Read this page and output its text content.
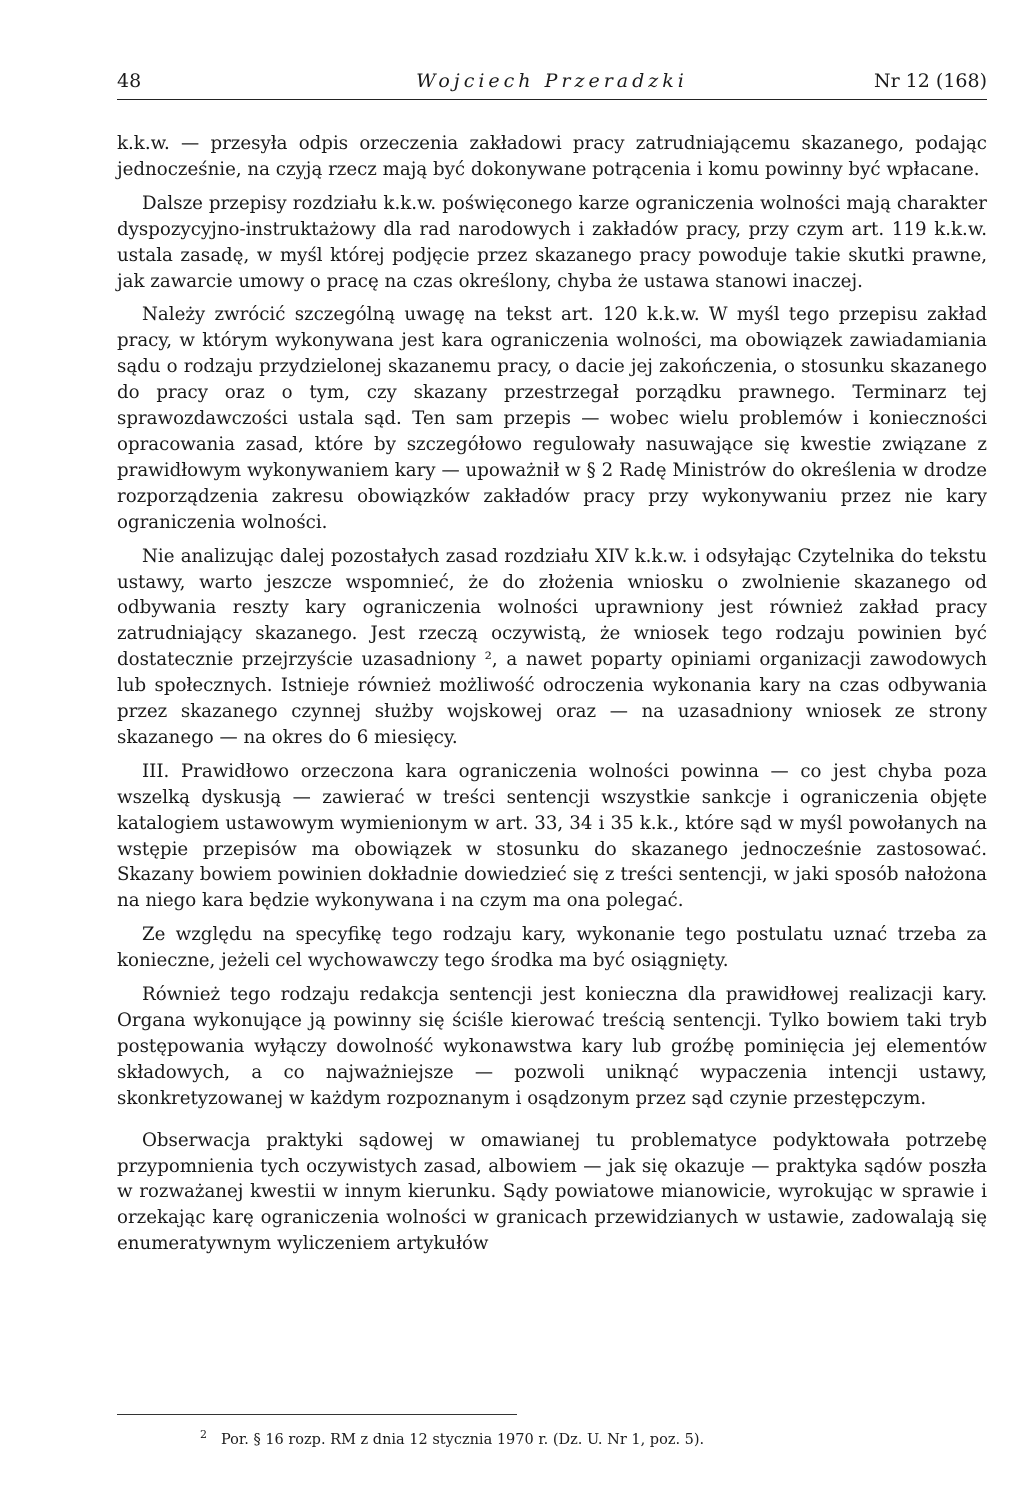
48	Wojciech Przeradzki	Nr 12 (168)

k.k.w. — przesyła odpis orzeczenia zakładowi pracy zatrudniającemu skazanego, podając jednocześnie, na czyją rzecz mają być dokonywane potrącenia i komu powinny być wpłacane.

Dalsze przepisy rozdziału k.k.w. poświęconego karze ograniczenia wolności mają charakter dyspozycyjno-instruktażowy dla rad narodowych i zakładów pracy, przy czym art. 119 k.k.w. ustala zasadę, w myśl której podjęcie przez skazanego pracy powoduje takie skutki prawne, jak zawarcie umowy o pracę na czas określony, chyba że ustawa stanowi inaczej.

Należy zwrócić szczególną uwagę na tekst art. 120 k.k.w. W myśl tego przepisu zakład pracy, w którym wykonywana jest kara ograniczenia wolności, ma obowiązek zawiadamiania sądu o rodzaju przydzielonej skazanemu pracy, o dacie jej zakończenia, o stosunku skazanego do pracy oraz o tym, czy skazany przestrzegał porządku prawnego. Terminarz tej sprawozdawczości ustala sąd. Ten sam przepis — wobec wielu problemów i konieczności opracowania zasad, które by szczegółowo regulowały nasuwające się kwestie związane z prawidłowym wykonywaniem kary — upoważnił w § 2 Radę Ministrów do określenia w drodze rozporządzenia zakresu obowiązków zakładów pracy przy wykonywaniu przez nie kary ograniczenia wolności.

Nie analizując dalej pozostałych zasad rozdziału XIV k.k.w. i odsyłając Czytelnika do tekstu ustawy, warto jeszcze wspomnieć, że do złożenia wniosku o zwolnienie skazanego od odbywania reszty kary ograniczenia wolności uprawniony jest również zakład pracy zatrudniający skazanego. Jest rzeczą oczywistą, że wniosek tego rodzaju powinien być dostatecznie przejrzyście uzasadniony ², a nawet poparty opiniami organizacji zawodowych lub społecznych. Istnieje również możliwość odroczenia wykonania kary na czas odbywania przez skazanego czynnej służby wojskowej oraz — na uzasadniony wniosek ze strony skazanego — na okres do 6 miesięcy.

III. Prawidłowo orzeczona kara ograniczenia wolności powinna — co jest chyba poza wszelką dyskusją — zawierać w treści sentencji wszystkie sankcje i ograniczenia objęte katalogiem ustawowym wymienionym w art. 33, 34 i 35 k.k., które sąd w myśl powołanych na wstępie przepisów ma obowiązek w stosunku do skazanego jednocześnie zastosować. Skazany bowiem powinien dokładnie dowiedzieć się z treści sentencji, w jaki sposób nałożona na niego kara będzie wykonywana i na czym ma ona polegać.

Ze względu na specyfikę tego rodzaju kary, wykonanie tego postulatu uznać trzeba za konieczne, jeżeli cel wychowawczy tego środka ma być osiągnięty.

Również tego rodzaju redakcja sentencji jest konieczna dla prawidłowej realizacji kary. Organa wykonujące ją powinny się ściśle kierować treścią sentencji. Tylko bowiem taki tryb postępowania wyłączy dowolność wykonawstwa kary lub groźbę pominięcia jej elementów składowych, a co najważniejsze — pozwoli uniknąć wypaczenia intencji ustawy, skonkretyzowanej w każdym rozpoznanym i osądzonym przez sąd czynie przestępczym.

Obserwacja praktyki sądowej w omawianej tu problematyce podyktowała potrzebę przypomnienia tych oczywistych zasad, albowiem — jak się okazuje — praktyka sądów poszła w rozważanej kwestii w innym kierunku. Sądy powiatowe mianowicie, wyrokując w sprawie i orzekając karę ograniczenia wolności w granicach przewidzianych w ustawie, zadowalają się enumeratywnym wyliczeniem artykułów

$^2$ Por. § 16 rozp. RM z dnia 12 stycznia 1970 r. (Dz. U. Nr 1, poz. 5).
